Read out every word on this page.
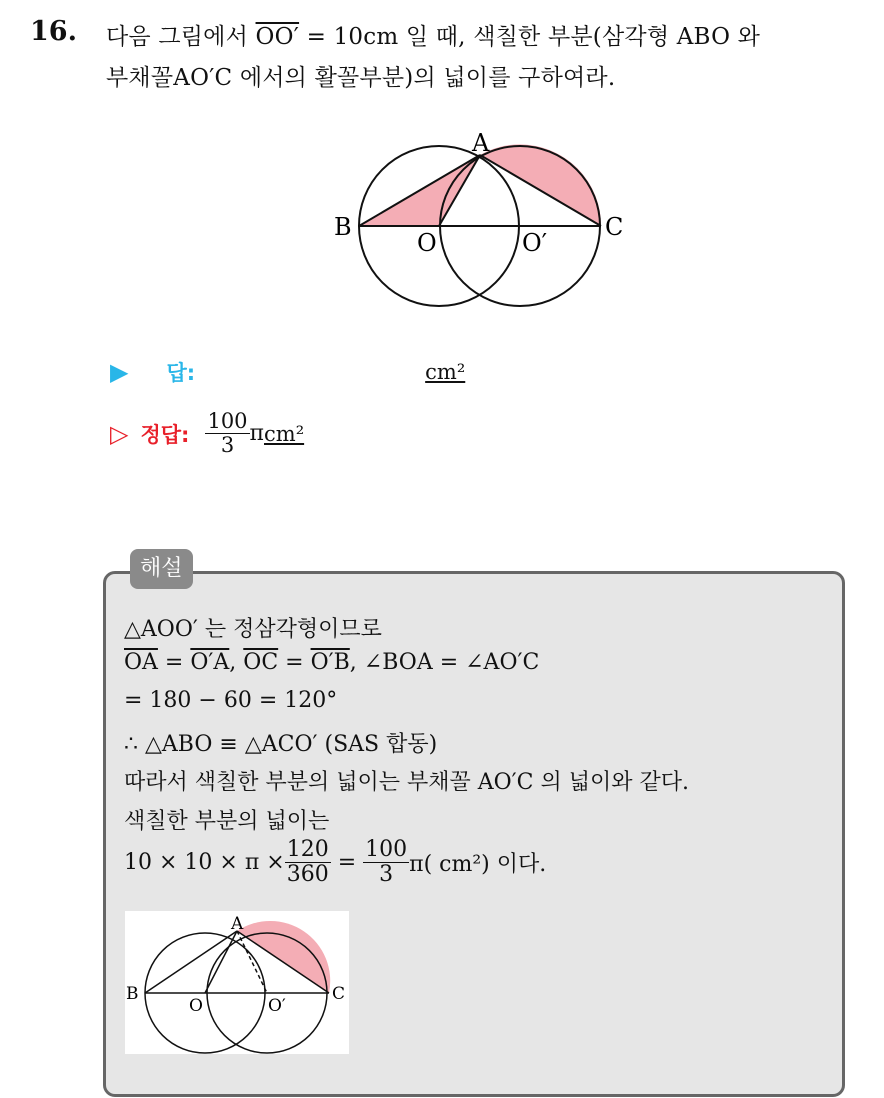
16. 다음 그림에서 OO′ = 10cm 일 때, 색칠한 부분(삼각형 ABO 와
부채꼴AO′C 에서의 활꼴부분)의 넓이를 구하여라.
A
B	C
O	O′
▶ 답:	cm²
▷ 정답: $\frac{100}{3}$ π cm²
해설
△AOO′ 는 정삼각형이므로
$\overline{OA} = O'A$, $\overline{OC} = O'B$, ∠BOA = ∠AO′C
= 180 − 60 = 120°
∴ △ABO ≡ △ACO′ (SAS 합동)
따라서 색칠한 부분의 넓이는 부채꼴 AO′C 의 넓이와 같다.
색칠한 부분의 넓이는
$10 \times 10 \times \pi \times \frac{120}{360} = \frac{100}{3} \pi$( cm²) 이다.
A
B	C
O	O′
